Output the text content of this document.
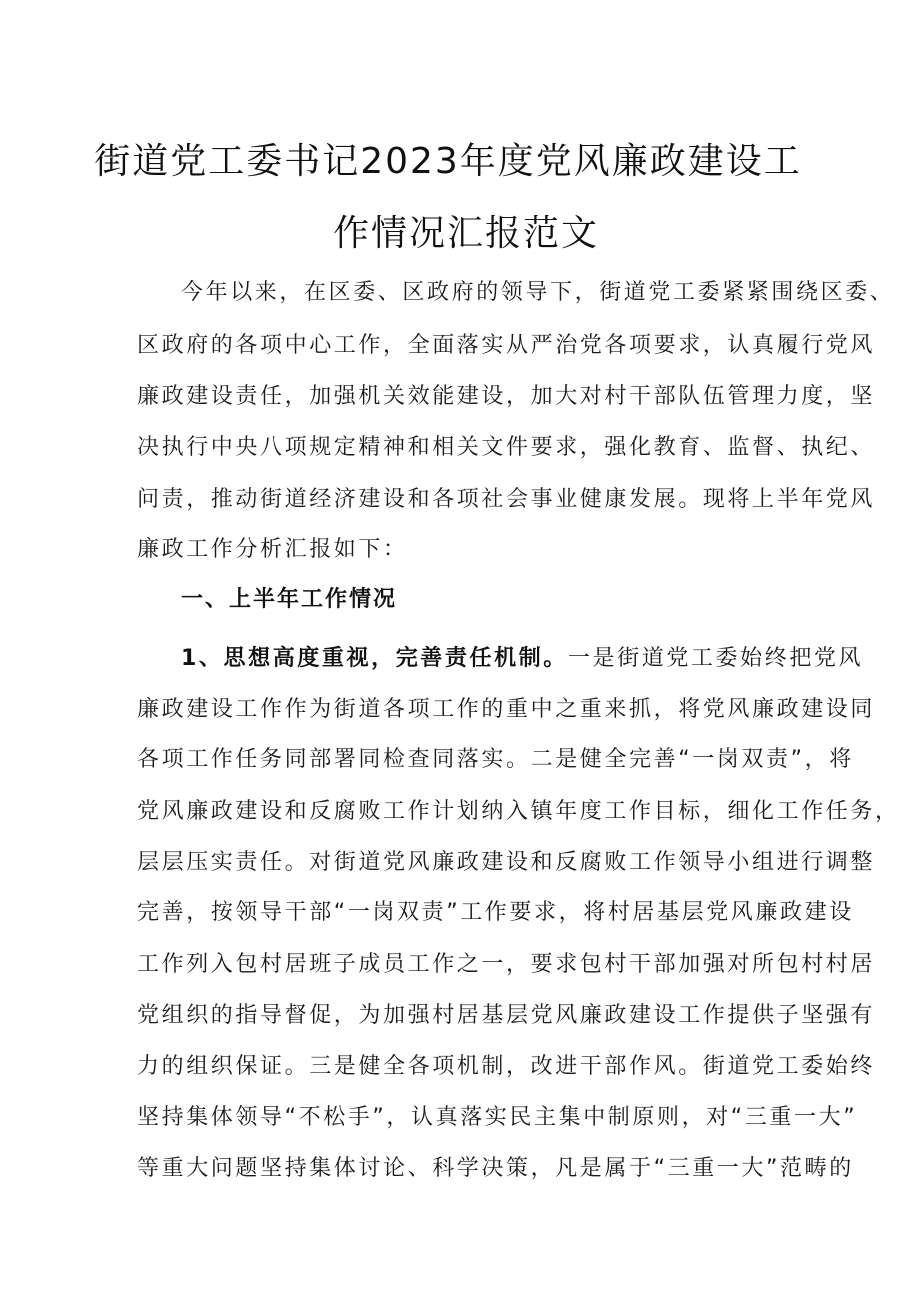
街道党工委书记2023年度党风廉政建设工
作情况汇报范文
今年以来，在区委、区政府的领导下，街道党工委紧紧围绕区委、
区政府的各项中心工作，全面落实从严治党各项要求，认真履行党风
廉政建设责任，加强机关效能建设，加大对村干部队伍管理力度，坚
决执行中央八项规定精神和相关文件要求，强化教育、监督、执纪、
问责，推动街道经济建设和各项社会事业健康发展。现将上半年党风
廉政工作分析汇报如下：
一、上半年工作情况
1、思想高度重视，完善责任机制。一是街道党工委始终把党风
廉政建设工作作为街道各项工作的重中之重来抓，将党风廉政建设同
各项工作任务同部署同检查同落实。二是健全完善“一岗双责”，将
党风廉政建设和反腐败工作计划纳入镇年度工作目标，细化工作任务，
层层压实责任。对街道党风廉政建设和反腐败工作领导小组进行调整
完善，按领导干部“一岗双责”工作要求，将村居基层党风廉政建设
工作列入包村居班子成员工作之一，要求包村干部加强对所包村村居
党组织的指导督促，为加强村居基层党风廉政建设工作提供子坚强有
力的组织保证。三是健全各项机制，改进干部作风。街道党工委始终
坚持集体领导“不松手”，认真落实民主集中制原则，对“三重一大”
等重大问题坚持集体讨论、科学决策，凡是属于“三重一大”范畴的
